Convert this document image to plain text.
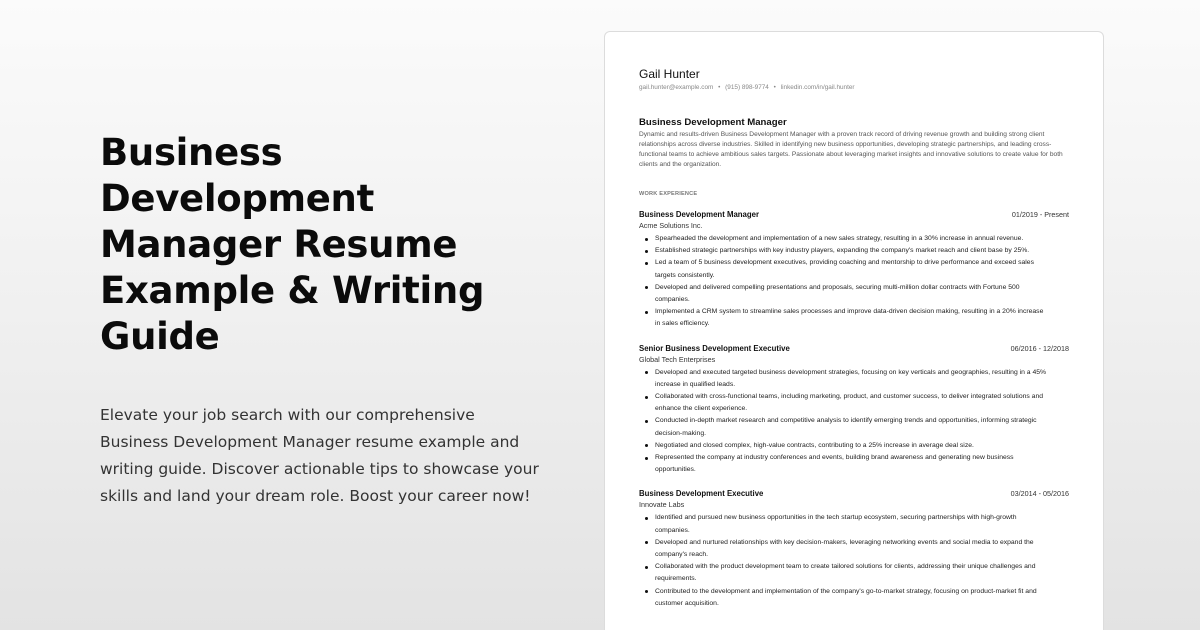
Business Development Manager Resume Example & Writing Guide

Elevate your job search with our comprehensive Business Development Manager resume example and writing guide. Discover actionable tips to showcase your skills and land your dream role. Boost your career now!

Gail Hunter
gail.hunter@example.com • (915) 898-9774 • linkedin.com/in/gail.hunter
Business Development Manager
Dynamic and results-driven Business Development Manager with a proven track record of driving revenue growth and building strong client relationships across diverse industries. Skilled in identifying new business opportunities, developing strategic partnerships, and leading cross-functional teams to achieve ambitious sales targets. Passionate about leveraging market insights and innovative solutions to create value for both clients and the organization.
WORK EXPERIENCE
Business Development Manager	01/2019 - Present
Acme Solutions Inc.
Spearheaded the development and implementation of a new sales strategy, resulting in a 30% increase in annual revenue.
Established strategic partnerships with key industry players, expanding the company's market reach and client base by 25%.
Led a team of 5 business development executives, providing coaching and mentorship to drive performance and exceed sales targets consistently.
Developed and delivered compelling presentations and proposals, securing multi-million dollar contracts with Fortune 500 companies.
Implemented a CRM system to streamline sales processes and improve data-driven decision making, resulting in a 20% increase in sales efficiency.
Senior Business Development Executive	06/2016 - 12/2018
Global Tech Enterprises
Developed and executed targeted business development strategies, focusing on key verticals and geographies, resulting in a 45% increase in qualified leads.
Collaborated with cross-functional teams, including marketing, product, and customer success, to deliver integrated solutions and enhance the client experience.
Conducted in-depth market research and competitive analysis to identify emerging trends and opportunities, informing strategic decision-making.
Negotiated and closed complex, high-value contracts, contributing to a 25% increase in average deal size.
Represented the company at industry conferences and events, building brand awareness and generating new business opportunities.
Business Development Executive	03/2014 - 05/2016
Innovate Labs
Identified and pursued new business opportunities in the tech startup ecosystem, securing partnerships with high-growth companies.
Developed and nurtured relationships with key decision-makers, leveraging networking events and social media to expand the company's reach.
Collaborated with the product development team to create tailored solutions for clients, addressing their unique challenges and requirements.
Contributed to the development and implementation of the company's go-to-market strategy, focusing on product-market fit and customer acquisition.
